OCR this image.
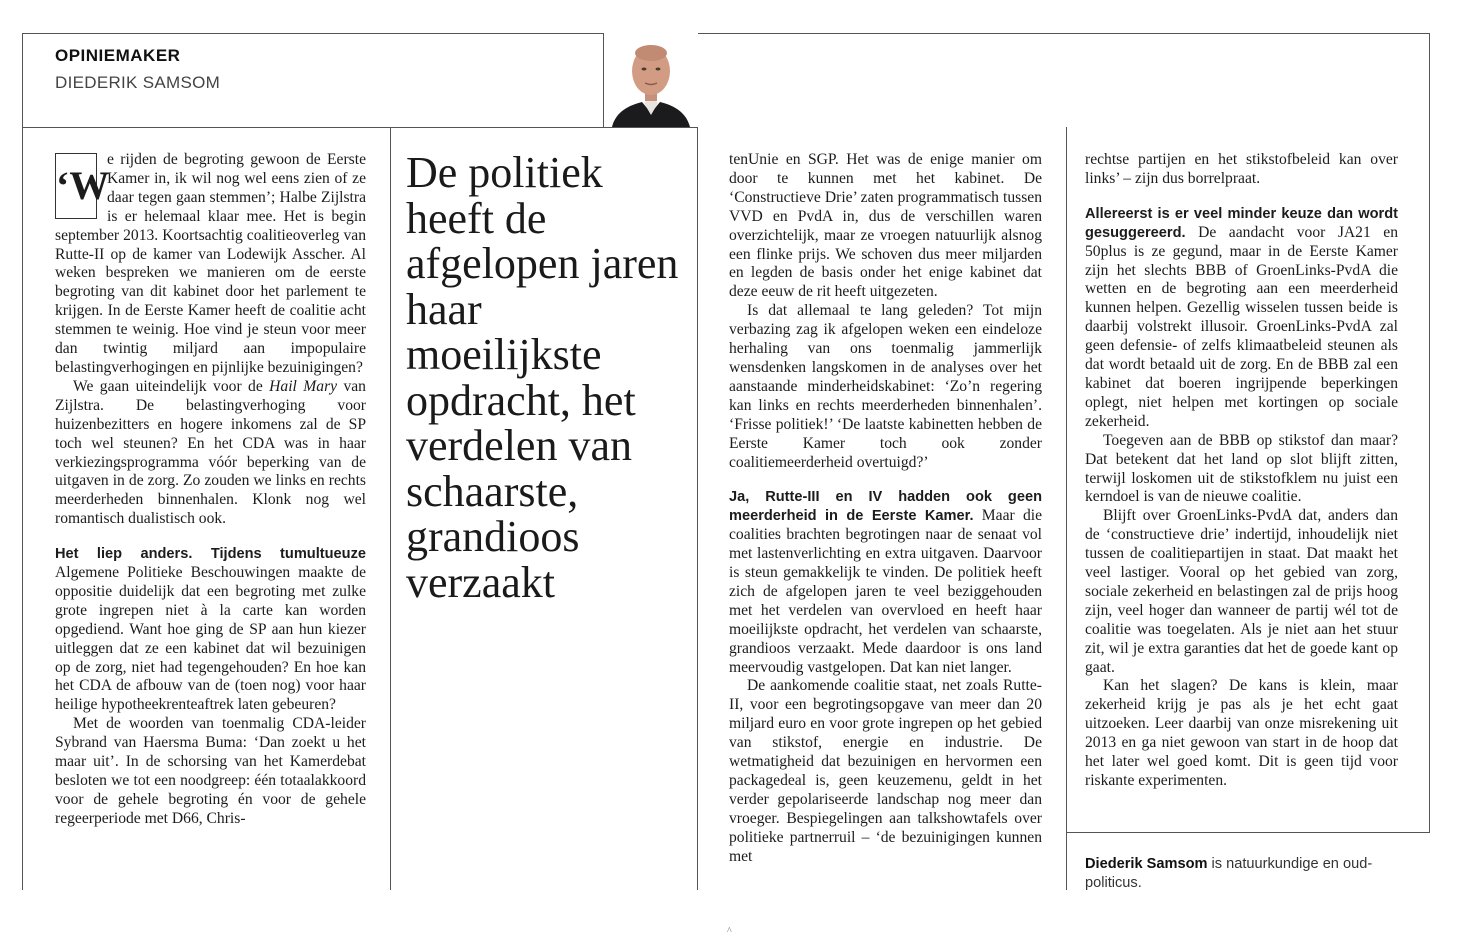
OPINIEMAKER
DIEDERIK SAMSOM

‘W
e rijden de begroting gewoon de Eerste Kamer in, ik wil nog wel eens zien of ze daar tegen gaan stemmen’; Halbe Zijlstra is er helemaal klaar mee. Het is begin september 2013. Koortsachtig coalitieoverleg van Rutte-II op de kamer van Lodewijk Asscher. Al weken bespreken we manieren om de eerste begroting van dit kabinet door het parlement te krijgen. In de Eerste Kamer heeft de coalitie acht stemmen te weinig. Hoe vind je steun voor meer dan twintig miljard aan impopulaire belastingverhogingen en pijnlijke bezuinigingen?

We gaan uiteindelijk voor de Hail Mary van Zijlstra. De belastingverhoging voor huizenbezitters en hogere inkomens zal de SP toch wel steunen? En het CDA was in haar verkiezingsprogramma vóór beperking van de uitgaven in de zorg. Zo zouden we links en rechts meerderheden binnenhalen. Klonk nog wel romantisch dualistisch ook.

Het liep anders. Tijdens tumultueuze Algemene Politieke Beschouwingen maakte de oppositie duidelijk dat een begroting met zulke grote ingrepen niet à la carte kan worden opgediend. Want hoe ging de SP aan hun kiezer uitleggen dat ze een kabinet dat wil bezuinigen op de zorg, niet had tegengehouden? En hoe kan het CDA de afbouw van de (toen nog) voor haar heilige hypotheekrenteaftrek laten gebeuren?

Met de woorden van toenmalig CDA-leider Sybrand van Haersma Buma: ‘Dan zoekt u het maar uit’. In de schorsing van het Kamerdebat besloten we tot een noodgreep: één totaalakkoord voor de gehele begroting én voor de gehele regeerperiode met D66, Chris-

De politiek heeft de afgelopen jaren haar moeilijkste opdracht, het verdelen van schaarste, grandioos verzaakt

tenUnie en SGP. Het was de enige manier om door te kunnen met het kabinet. De ‘Constructieve Drie’ zaten programmatisch tussen VVD en PvdA in, dus de verschillen waren overzichtelijk, maar ze vroegen natuurlijk alsnog een flinke prijs. We schoven dus meer miljarden en legden de basis onder het enige kabinet dat deze eeuw de rit heeft uitgezeten.

Is dat allemaal te lang geleden? Tot mijn verbazing zag ik afgelopen weken een eindeloze herhaling van ons toenmalig jammerlijk wensdenken langskomen in de analyses over het aanstaande minderheidskabinet: ‘Zo’n regering kan links en rechts meerderheden binnenhalen’. ‘Frisse politiek!’ ‘De laatste kabinetten hebben de Eerste Kamer toch ook zonder coalitiemeerderheid overtuigd?’

Ja, Rutte-III en IV hadden ook geen meerderheid in de Eerste Kamer. Maar die coalities brachten begrotingen naar de senaat vol met lastenverlichting en extra uitgaven. Daarvoor is steun gemakkelijk te vinden. De politiek heeft zich de afgelopen jaren te veel beziggehouden met het verdelen van overvloed en heeft haar moeilijkste opdracht, het verdelen van schaarste, grandioos verzaakt. Mede daardoor is ons land meervoudig vastgelopen. Dat kan niet langer.

De aankomende coalitie staat, net zoals Rutte-II, voor een begrotingsopgave van meer dan 20 miljard euro en voor grote ingrepen op het gebied van stikstof, energie en industrie. De wetmatigheid dat bezuinigen en hervormen een packagedeal is, geen keuzemenu, geldt in het verder gepolariseerde landschap nog meer dan vroeger. Bespiegelingen aan talkshowtafels over politieke partnerruil – ‘de bezuinigingen kunnen met

rechtse partijen en het stikstofbeleid kan over links’ – zijn dus borrelpraat.

Allereerst is er veel minder keuze dan wordt gesuggereerd. De aandacht voor JA21 en 50plus is ze gegund, maar in de Eerste Kamer zijn het slechts BBB of GroenLinks-PvdA die wetten en de begroting aan een meerderheid kunnen helpen. Gezellig wisselen tussen beide is daarbij volstrekt illusoir. GroenLinks-PvdA zal geen defensie- of zelfs klimaatbeleid steunen als dat wordt betaald uit de zorg. En de BBB zal een kabinet dat boeren ingrijpende beperkingen oplegt, niet helpen met kortingen op sociale zekerheid.

Toegeven aan de BBB op stikstof dan maar? Dat betekent dat het land op slot blijft zitten, terwijl loskomen uit de stikstofklem nu juist een kerndoel is van de nieuwe coalitie.

Blijft over GroenLinks-PvdA dat, anders dan de ‘constructieve drie’ indertijd, inhoudelijk niet tussen de coalitiepartijen in staat. Dat maakt het veel lastiger. Vooral op het gebied van zorg, sociale zekerheid en belastingen zal de prijs hoog zijn, veel hoger dan wanneer de partij wél tot de coalitie was toegelaten. Als je niet aan het stuur zit, wil je extra garanties dat het de goede kant op gaat.

Kan het slagen? De kans is klein, maar zekerheid krijg je pas als je het echt gaat uitzoeken. Leer daarbij van onze misrekening uit 2013 en ga niet gewoon van start in de hoop dat het later wel goed komt. Dit is geen tijd voor riskante experimenten.

Diederik Samsom is natuurkundige en oud-politicus.
^
